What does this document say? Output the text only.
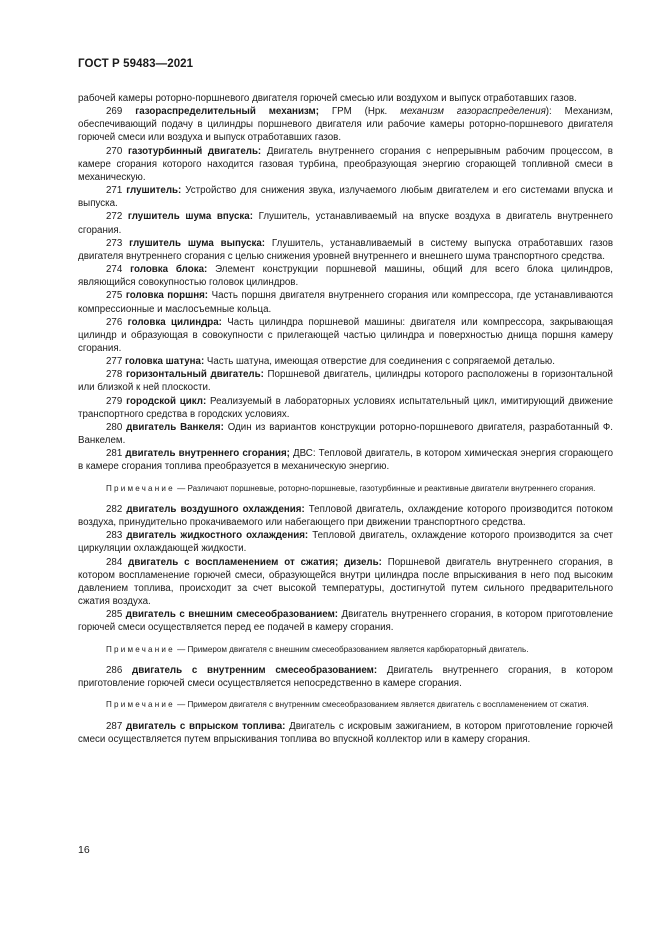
ГОСТ Р 59483—2021

рабочей камеры роторно-поршневого двигателя горючей смесью или воздухом и выпуск отработавших газов.

269 газораспределительный механизм; ГРМ (Нрк. механизм газораспределения): Механизм, обеспечивающий подачу в цилиндры поршневого двигателя или рабочие камеры роторно-поршневого двигателя горючей смеси или воздуха и выпуск отработавших газов.

270 газотурбинный двигатель: Двигатель внутреннего сгорания с непрерывным рабочим процессом, в камере сгорания которого находится газовая турбина, преобразующая энергию сгорающей топливной смеси в механическую.

271 глушитель: Устройство для снижения звука, излучаемого любым двигателем и его системами впуска и выпуска.

272 глушитель шума впуска: Глушитель, устанавливаемый на впуске воздуха в двигатель внутреннего сгорания.

273 глушитель шума выпуска: Глушитель, устанавливаемый в систему выпуска отработавших газов двигателя внутреннего сгорания с целью снижения уровней внутреннего и внешнего шума транспортного средства.

274 головка блока: Элемент конструкции поршневой машины, общий для всего блока цилиндров, являющийся совокупностью головок цилиндров.

275 головка поршня: Часть поршня двигателя внутреннего сгорания или компрессора, где устанавливаются компрессионные и маслосъемные кольца.

276 головка цилиндра: Часть цилиндра поршневой машины: двигателя или компрессора, закрывающая цилиндр и образующая в совокупности с прилегающей частью цилиндра и поверхностью днища поршня камеру сгорания.

277 головка шатуна: Часть шатуна, имеющая отверстие для соединения с сопрягаемой деталью.

278 горизонтальный двигатель: Поршневой двигатель, цилиндры которого расположены в горизонтальной или близкой к ней плоскости.

279 городской цикл: Реализуемый в лабораторных условиях испытательный цикл, имитирующий движение транспортного средства в городских условиях.

280 двигатель Ванкеля: Один из вариантов конструкции роторно-поршневого двигателя, разработанный Ф. Ванкелем.

281 двигатель внутреннего сгорания; ДВС: Тепловой двигатель, в котором химическая энергия сгорающего в камере сгорания топлива преобразуется в механическую энергию.

Примечание — Различают поршневые, роторно-поршневые, газотурбинные и реактивные двигатели внутреннего сгорания.

282 двигатель воздушного охлаждения: Тепловой двигатель, охлаждение которого производится потоком воздуха, принудительно прокачиваемого или набегающего при движении транспортного средства.

283 двигатель жидкостного охлаждения: Тепловой двигатель, охлаждение которого производится за счет циркуляции охлаждающей жидкости.

284 двигатель с воспламенением от сжатия; дизель: Поршневой двигатель внутреннего сгорания, в котором воспламенение горючей смеси, образующейся внутри цилиндра после впрыскивания в него под высоким давлением топлива, происходит за счет высокой температуры, достигнутой путем сильного предварительного сжатия воздуха.

285 двигатель с внешним смесеобразованием: Двигатель внутреннего сгорания, в котором приготовление горючей смеси осуществляется перед ее подачей в камеру сгорания.

Примечание — Примером двигателя с внешним смесеобразованием является карбюраторный двигатель.

286 двигатель с внутренним смесеобразованием: Двигатель внутреннего сгорания, в котором приготовление горючей смеси осуществляется непосредственно в камере сгорания.

Примечание — Примером двигателя с внутренним смесеобразованием является двигатель с воспламенением от сжатия.

287 двигатель с впрыском топлива: Двигатель с искровым зажиганием, в котором приготовление горючей смеси осуществляется путем впрыскивания топлива во впускной коллектор или в камеру сгорания.

16
